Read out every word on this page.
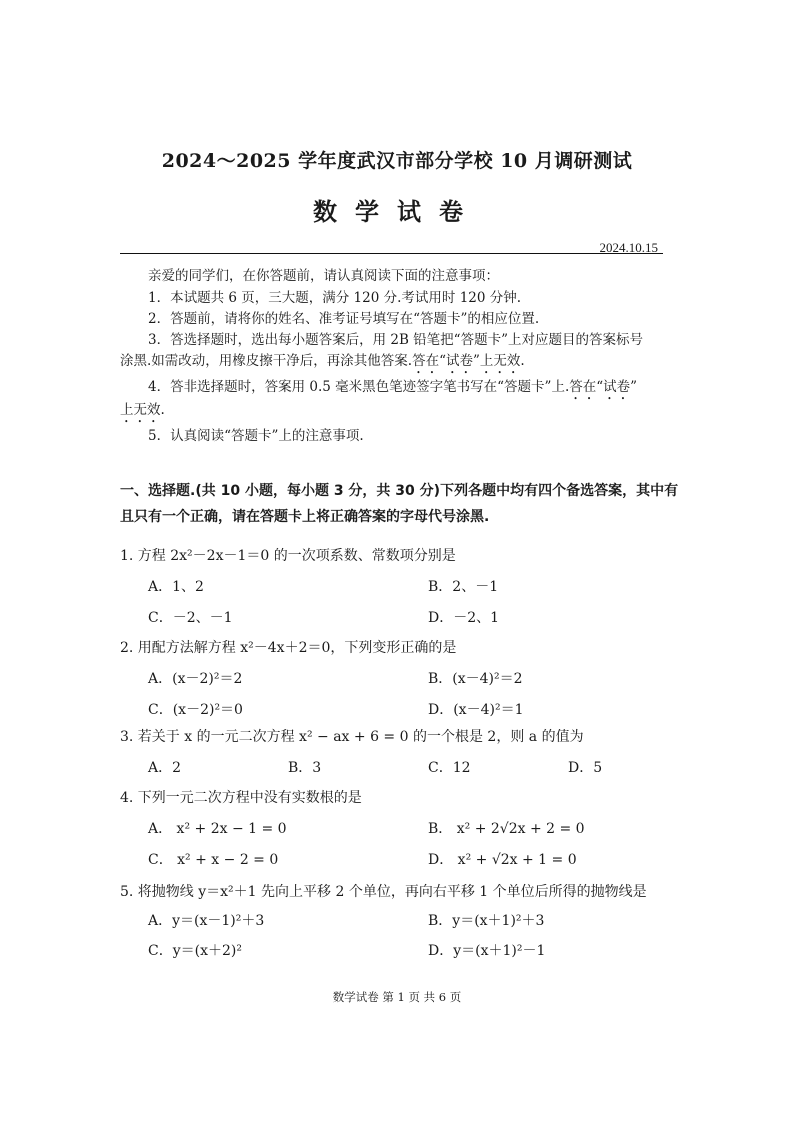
2024～2025 学年度武汉市部分学校 10 月调研测试
数学试卷
2024.10.15
亲爱的同学们，在你答题前，请认真阅读下面的注意事项：
1．本试题共 6 页，三大题，满分 120 分.考试用时 120 分钟.
2．答题前，请将你的姓名、准考证号填写在“答题卡”的相应位置.
3．答选择题时，选出每小题答案后，用 2B 铅笔把“答题卡”上对应题目的答案标号
涂黑.如需改动，用橡皮擦干净后，再涂其他答案.答在“试卷”上无效.
4．答非选择题时，答案用 0.5 毫米黑色笔迹签字笔书写在“答题卡”上.答在“试卷”
上无效.
5．认真阅读“答题卡”上的注意事项.
一、选择题.(共 10 小题，每小题 3 分，共 30 分)下列各题中均有四个备选答案，其中有
且只有一个正确，请在答题卡上将正确答案的字母代号涂黑.
1. 方程 2x²－2x－1＝0 的一次项系数、常数项分别是
A．1、2	B．2、－1
C．－2、－1	D．－2、1
2. 用配方法解方程 x²－4x＋2＝0，下列变形正确的是
A．(x－2)²＝2	B．(x－4)²＝2
C．(x－2)²＝0	D．(x－4)²＝1
3. 若关于 x 的一元二次方程 x² − ax + 6 = 0 的一个根是 2，则 a 的值为
A．2	B．3	C．12	D．5
4. 下列一元二次方程中没有实数根的是
A． x² + 2x − 1 = 0	B． x² + 2√2x + 2 = 0
C． x² + x − 2 = 0	D． x² + √2x + 1 = 0
5. 将抛物线 y＝x²＋1 先向上平移 2 个单位，再向右平移 1 个单位后所得的抛物线是
A．y＝(x－1)²＋3	B．y＝(x＋1)²＋3
C．y＝(x＋2)²	D．y＝(x＋1)²－1
数学试卷 第 1 页 共 6 页
